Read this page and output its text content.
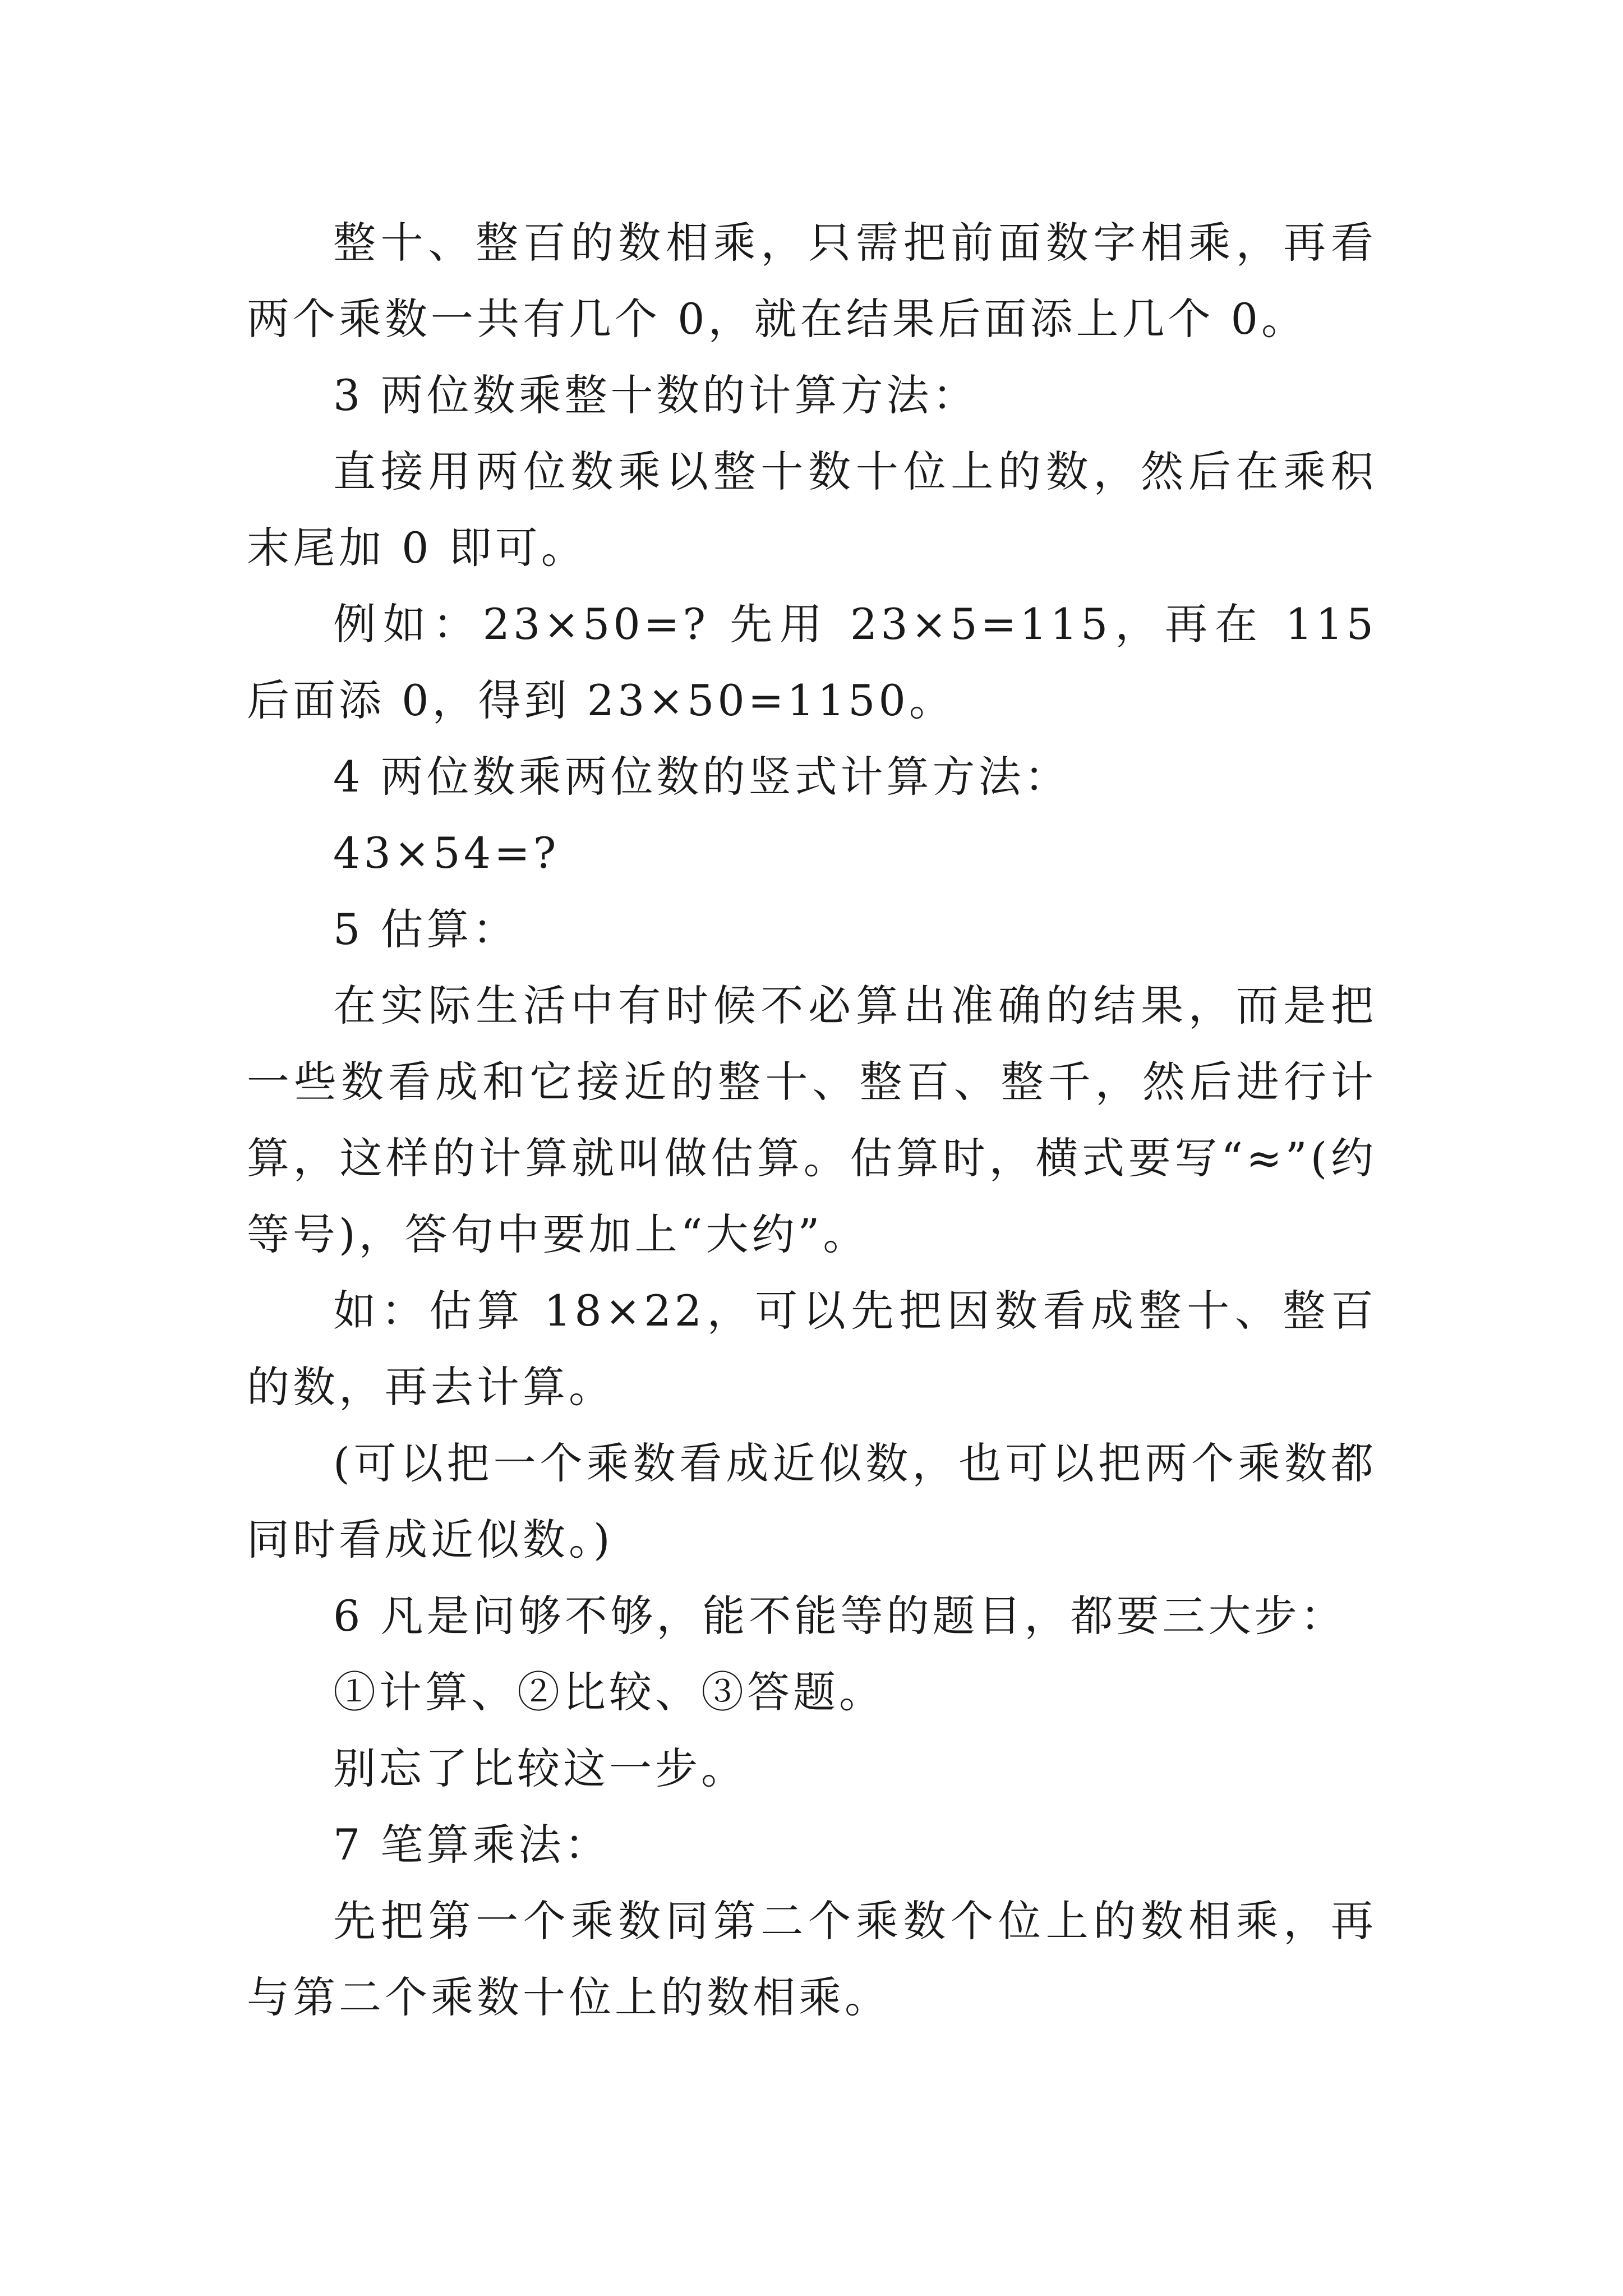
整十、整百的数相乘，只需把前面数字相乘，再看两个乘数一共有几个 0，就在结果后面添上几个 0。

3 两位数乘整十数的计算方法：

直接用两位数乘以整十数十位上的数，然后在乘积末尾加 0 即可。

例如：23×50=? 先用 23×5=115，再在 115 后面添 0，得到 23×50=1150。

4 两位数乘两位数的竖式计算方法：

43×54=?

5 估算：

在实际生活中有时候不必算出准确的结果，而是把一些数看成和它接近的整十、整百、整千，然后进行计算，这样的计算就叫做估算。估算时，横式要写“≈”(约等号)，答句中要加上“大约”。

如：估算 18×22，可以先把因数看成整十、整百的数，再去计算。

(可以把一个乘数看成近似数，也可以把两个乘数都同时看成近似数。)

6 凡是问够不够，能不能等的题目，都要三大步：

①计算、②比较、③答题。

别忘了比较这一步。

7 笔算乘法：

先把第一个乘数同第二个乘数个位上的数相乘，再与第二个乘数十位上的数相乘。
